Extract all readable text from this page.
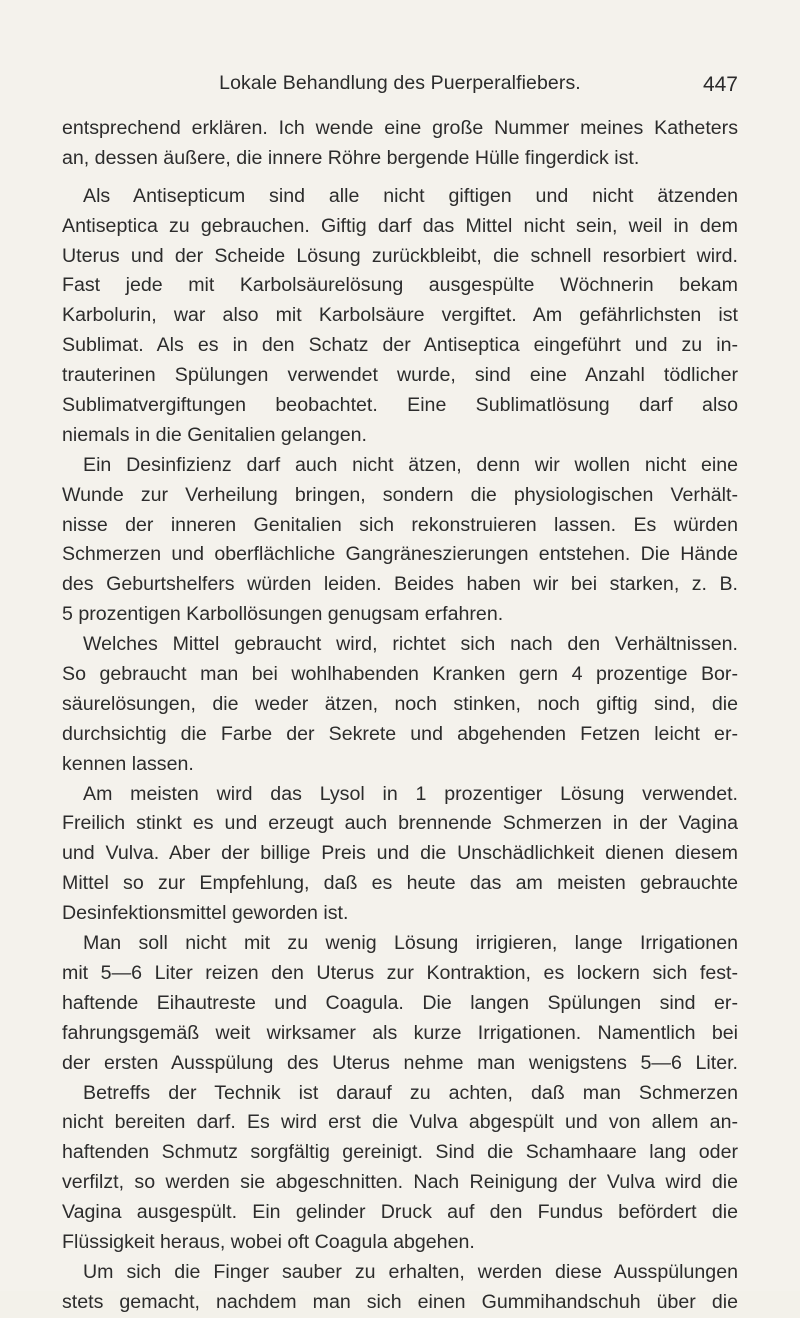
Lokale Behandlung des Puerperalfiebers.	447
entsprechend erklären. Ich wende eine große Nummer meines Katheters
an, dessen äußere, die innere Röhre bergende Hülle fingerdick ist.
Als Antisepticum sind alle nicht giftigen und nicht ätzenden
Antiseptica zu gebrauchen. Giftig darf das Mittel nicht sein, weil in dem
Uterus und der Scheide Lösung zurückbleibt, die schnell resorbiert wird.
Fast jede mit Karbolsäurelösung ausgespülte Wöchnerin bekam
Karbolurin, war also mit Karbolsäure vergiftet. Am gefährlichsten ist
Sublimat. Als es in den Schatz der Antiseptica eingeführt und zu in-
trauterinen Spülungen verwendet wurde, sind eine Anzahl tödlicher
Sublimatvergiftungen beobachtet. Eine Sublimatlösung darf also
niemals in die Genitalien gelangen.
Ein Desinfizienz darf auch nicht ätzen, denn wir wollen nicht eine
Wunde zur Verheilung bringen, sondern die physiologischen Verhält-
nisse der inneren Genitalien sich rekonstruieren lassen. Es würden
Schmerzen und oberflächliche Gangräneszierungen entstehen. Die Hände
des Geburtshelfers würden leiden. Beides haben wir bei starken, z. B.
5 prozentigen Karbollösungen genugsam erfahren.
Welches Mittel gebraucht wird, richtet sich nach den Verhältnissen.
So gebraucht man bei wohlhabenden Kranken gern 4 prozentige Bor-
säurelösungen, die weder ätzen, noch stinken, noch giftig sind, die
durchsichtig die Farbe der Sekrete und abgehenden Fetzen leicht er-
kennen lassen.
Am meisten wird das Lysol in 1 prozentiger Lösung verwendet.
Freilich stinkt es und erzeugt auch brennende Schmerzen in der Vagina
und Vulva. Aber der billige Preis und die Unschädlichkeit dienen diesem
Mittel so zur Empfehlung, daß es heute das am meisten gebrauchte
Desinfektionsmittel geworden ist.
Man soll nicht mit zu wenig Lösung irrigieren, lange Irrigationen
mit 5—6 Liter reizen den Uterus zur Kontraktion, es lockern sich fest-
haftende Eihautreste und Coagula. Die langen Spülungen sind er-
fahrungsgemäß weit wirksamer als kurze Irrigationen. Namentlich bei
der ersten Ausspülung des Uterus nehme man wenigstens 5—6 Liter.
Betreffs der Technik ist darauf zu achten, daß man Schmerzen
nicht bereiten darf. Es wird erst die Vulva abgespült und von allem an-
haftenden Schmutz sorgfältig gereinigt. Sind die Schamhaare lang oder
verfilzt, so werden sie abgeschnitten. Nach Reinigung der Vulva wird die
Vagina ausgespült. Ein gelinder Druck auf den Fundus befördert die
Flüssigkeit heraus, wobei oft Coagula abgehen.
Um sich die Finger sauber zu erhalten, werden diese Ausspülungen
stets gemacht, nachdem man sich einen Gummihandschuh über die
